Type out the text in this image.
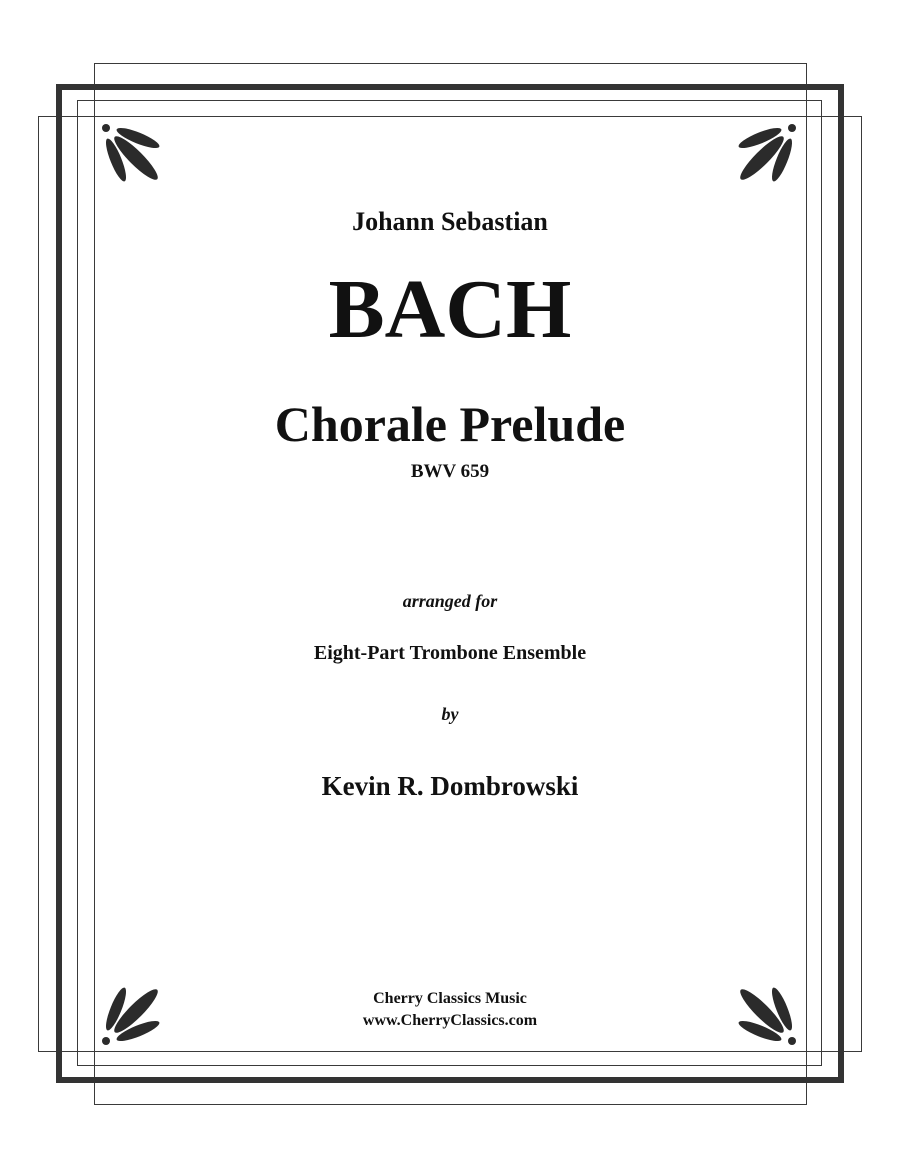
Johann Sebastian
BACH
Chorale Prelude
BWV 659
arranged for
Eight-Part Trombone Ensemble
by
Kevin R. Dombrowski
Cherry Classics Music
www.CherryClassics.com
